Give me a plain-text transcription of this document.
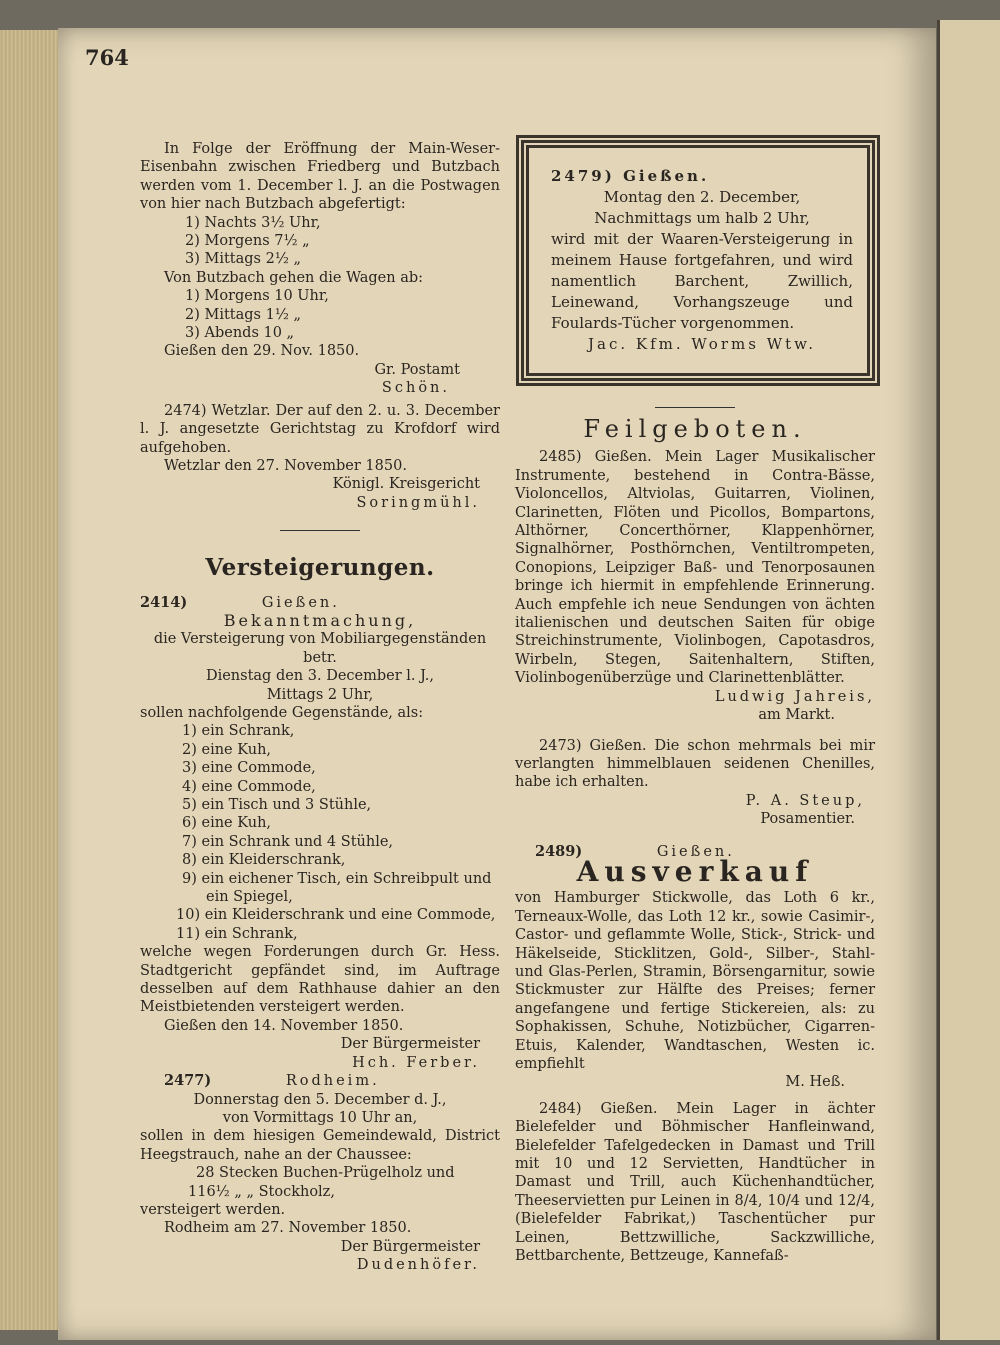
764

In Folge der Eröffnung der Main-Weser-Eisenbahn zwischen Friedberg und Butzbach werden vom 1. December l. J. an die Postwagen von hier nach Butzbach abgefertigt:

1) Nachts 3½ Uhr,

2) Morgens 7½ „

3) Mittags 2½ „

Von Butzbach gehen die Wagen ab:

1) Morgens 10 Uhr,

2) Mittags 1½ „

3) Abends 10 „

Gießen den 29. Nov. 1850.

Gr. Postamt

Schön.

2474) Wetzlar. Der auf den 2. u. 3. December l. J. angesetzte Gerichtstag zu Krofdorf wird aufgehoben.

Wetzlar den 27. November 1850.

Königl. Kreisgericht

Soringmühl.

Versteigerungen.

2414)	Gießen.

Bekanntmachung,

die Versteigerung von Mobiliargegenständen betr.

Dienstag den 3. December l. J.,

Mittags 2 Uhr,

sollen nachfolgende Gegenstände, als:

1) ein Schrank,

2) eine Kuh,

3) eine Commode,

4) eine Commode,

5) ein Tisch und 3 Stühle,

6) eine Kuh,

7) ein Schrank und 4 Stühle,

8) ein Kleiderschrank,

9) ein eichener Tisch, ein Schreibpult und

ein Spiegel,

10) ein Kleiderschrank und eine Commode,

11) ein Schrank,

welche wegen Forderungen durch Gr. Hess. Stadtgericht gepfändet sind, im Auftrage desselben auf dem Rathhause dahier an den Meistbietenden versteigert werden.

Gießen den 14. November 1850.

Der Bürgermeister

Hch. Ferber.

2477)	Rodheim.

Donnerstag den 5. December d. J.,

von Vormittags 10 Uhr an,

sollen in dem hiesigen Gemeindewald, District Heegstrauch, nahe an der Chaussee:

28 Stecken Buchen-Prügelholz und

116½ „ „ Stockholz,

versteigert werden.

Rodheim am 27. November 1850.

Der Bürgermeister

Dudenhöfer.

2479) Gießen.

Montag den 2. December,

Nachmittags um halb 2 Uhr,

wird mit der Waaren-Versteigerung in meinem Hause fortgefahren, und wird namentlich Barchent, Zwillich, Leinewand, Vorhangszeuge und Foulards-Tücher vorgenommen.

Jac. Kfm. Worms Wtw.

Feilgeboten.

2485) Gießen. Mein Lager Musikalischer Instrumente, bestehend in Contra-Bässe, Violoncellos, Altviolas, Guitarren, Violinen, Clarinetten, Flöten und Picollos, Bompartons, Althörner, Concerthörner, Klappenhörner, Signalhörner, Posthörnchen, Ventiltrompeten, Conopions, Leipziger Baß- und Tenorposaunen bringe ich hiermit in empfehlende Erinnerung. Auch empfehle ich neue Sendungen von ächten italienischen und deutschen Saiten für obige Streichinstrumente, Violinbogen, Capotasdros, Wirbeln, Stegen, Saitenhaltern, Stiften, Violinbogenüberzüge und Clarinettenblätter.

Ludwig Jahreis,

am Markt.

2473) Gießen. Die schon mehrmals bei mir verlangten himmelblauen seidenen Chenilles, habe ich erhalten.

P. A. Steup,

Posamentier.

2489)	Gießen.

Ausverkauf

von Hamburger Stickwolle, das Loth 6 kr., Terneaux-Wolle, das Loth 12 kr., sowie Casimir-, Castor- und geflammte Wolle, Stick-, Strick- und Häkelseide, Sticklitzen, Gold-, Silber-, Stahl- und Glas-Perlen, Stramin, Börsengarnitur, sowie Stickmuster zur Hälfte des Preises; ferner angefangene und fertige Stickereien, als: zu Sophakissen, Schuhe, Notizbücher, Cigarren-Etuis, Kalender, Wandtaschen, Westen ic. empfiehlt

M. Heß.

2484) Gießen. Mein Lager in ächter Bielefelder und Böhmischer Hanfleinwand, Bielefelder Tafelgedecken in Damast und Trill mit 10 und 12 Servietten, Handtücher in Damast und Trill, auch Küchenhandtücher, Theeservietten pur Leinen in 8/4, 10/4 und 12/4, (Bielefelder Fabrikat,) Taschentücher pur Leinen, Bettzwilliche, Sackzwilliche, Bettbarchente, Bettzeuge, Kannefaß-
